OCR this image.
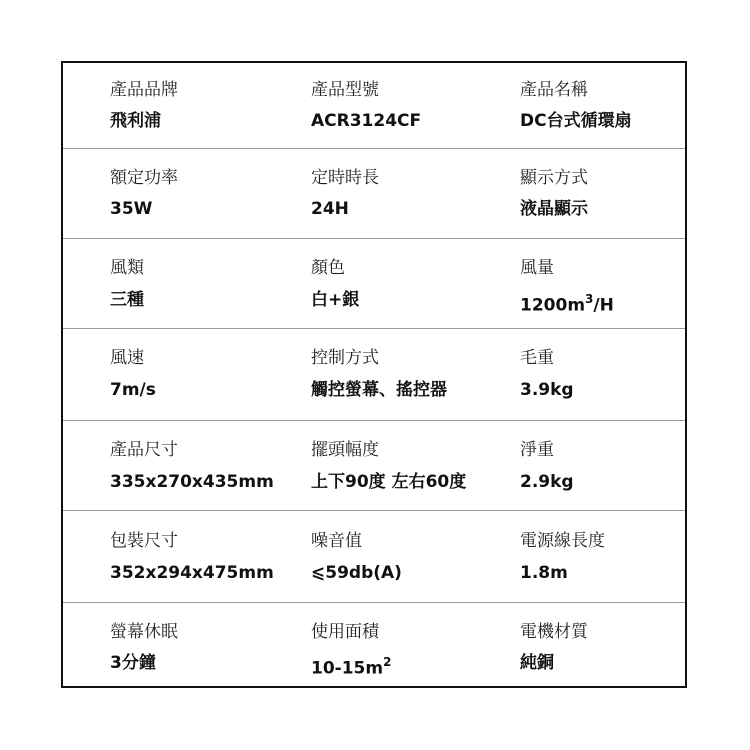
產品品牌
飛利浦
產品型號
ACR3124CF
產品名稱
DC台式循環扇
額定功率
35W
定時時長
24H
顯示方式
液晶顯示
風類
三種
顏色
白+銀
風量
$1200m^3/H$
風速
7m/s
控制方式
觸控螢幕、搖控器
毛重
3.9kg
產品尺寸
335x270x435mm
擺頭幅度
上下90度 左右60度
淨重
2.9kg
包裝尺寸
352x294x475mm
噪音值
⩽59db(A)
電源線長度
1.8m
螢幕休眠
3分鐘
使用面積
$10-15m^2$
電機材質
純銅
